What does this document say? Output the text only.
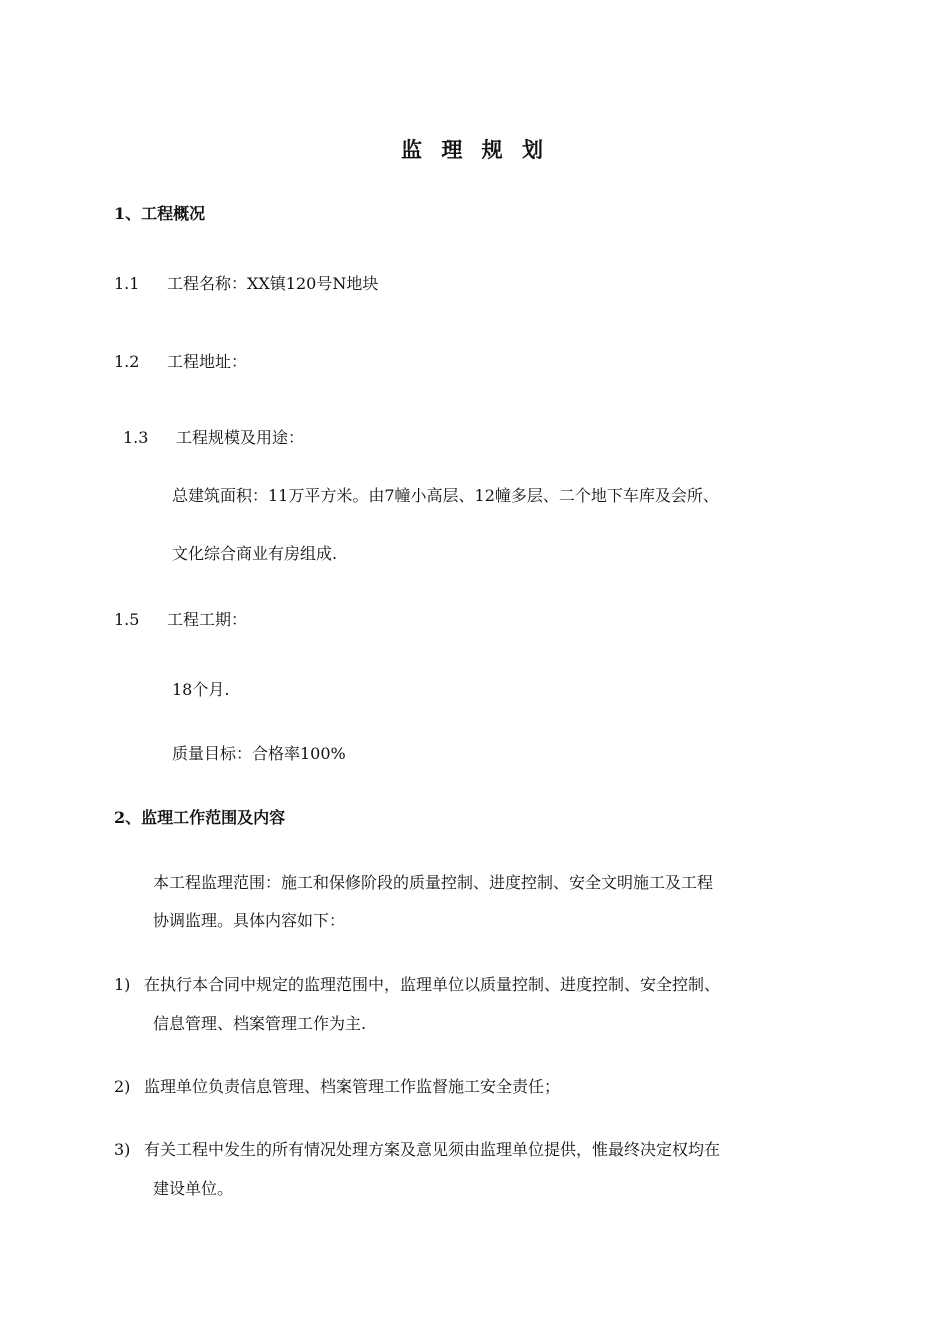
监 理 规 划
1、工程概况
1.1 工程名称：XX镇120号N地块
1.2 工程地址：
1.3 工程规模及用途：
总建筑面积：11万平方米。由7幢小高层、12幢多层、二个地下车库及会所、
文化综合商业有房组成.
1.5 工程工期：
18个月.
质量目标：合格率100%
2、监理工作范围及内容
本工程监理范围：施工和保修阶段的质量控制、进度控制、安全文明施工及工程
协调监理。具体内容如下：
1) 在执行本合同中规定的监理范围中，监理单位以质量控制、进度控制、安全控制、
信息管理、档案管理工作为主.
2) 监理单位负责信息管理、档案管理工作监督施工安全责任；
3) 有关工程中发生的所有情况处理方案及意见须由监理单位提供，惟最终决定权均在
建设单位。
